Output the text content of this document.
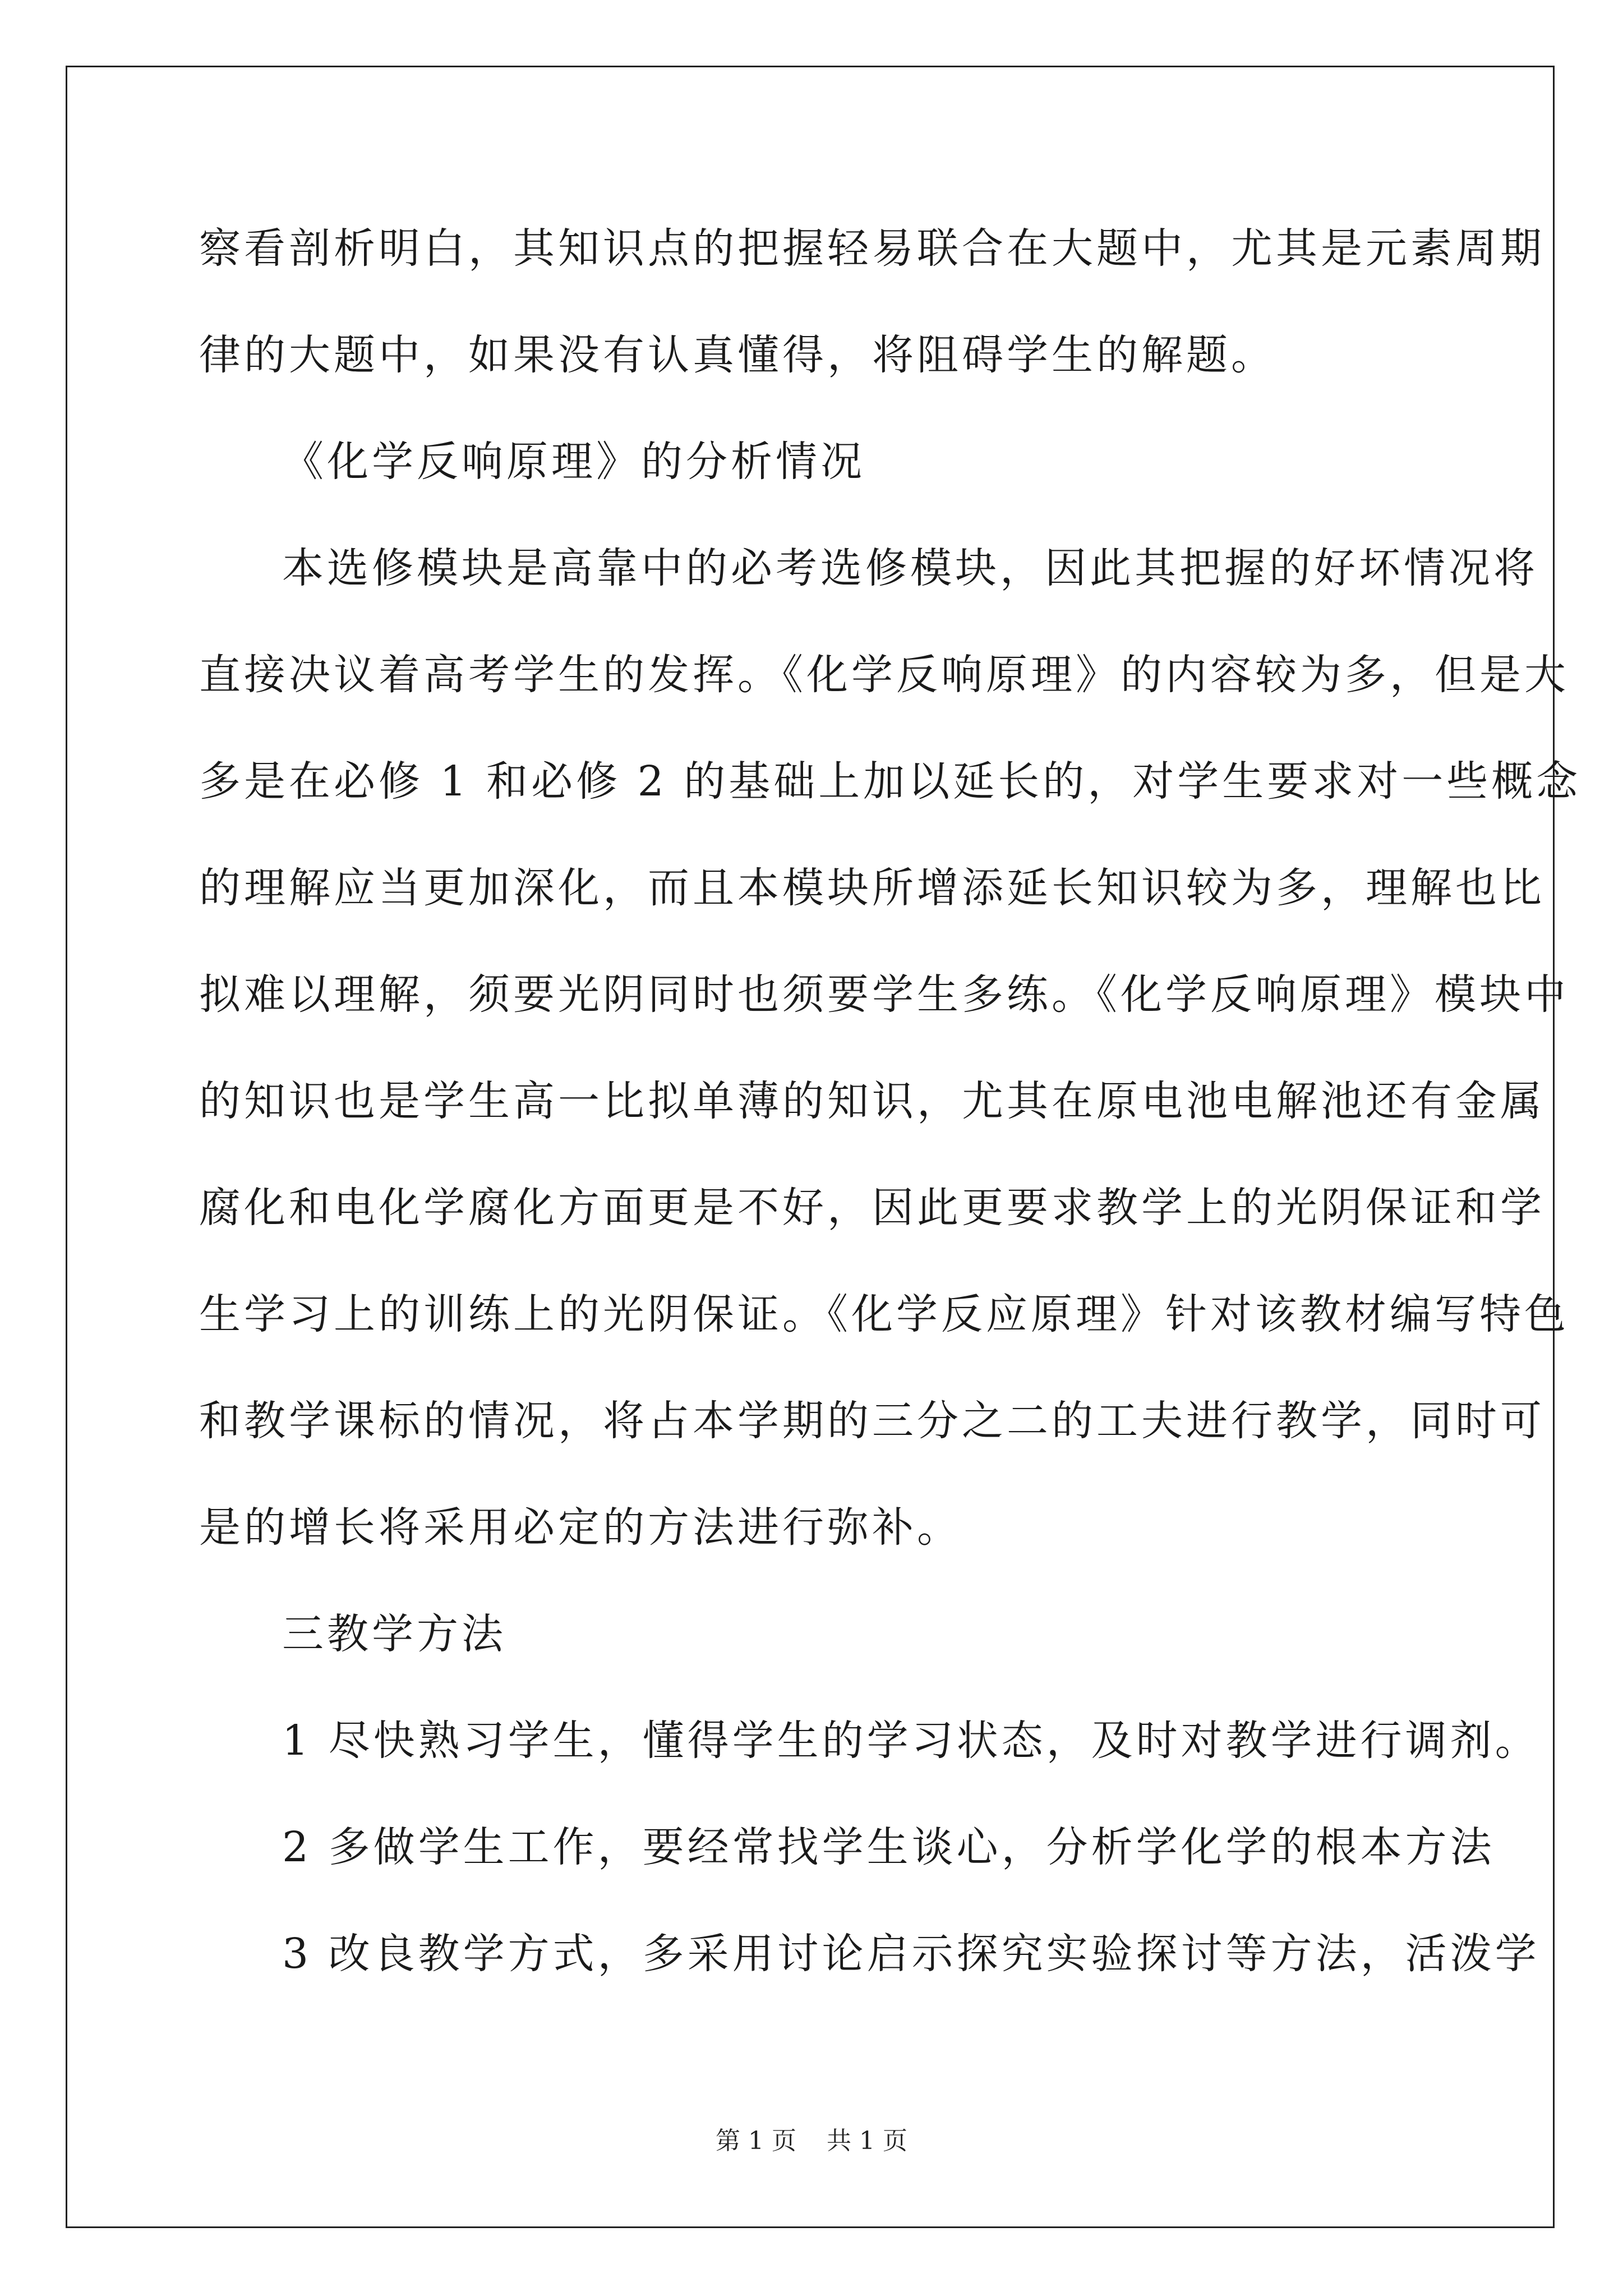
察看剖析明白，其知识点的把握轻易联合在大题中，尤其是元素周期
律的大题中，如果没有认真懂得，将阻碍学生的解题。
《化学反响原理》的分析情况
本选修模块是高靠中的必考选修模块，因此其把握的好坏情况将
直接决议着高考学生的发挥。《化学反响原理》的内容较为多，但是大
多是在必修 1 和必修 2 的基础上加以延长的，对学生要求对一些概念
的理解应当更加深化，而且本模块所增添延长知识较为多，理解也比
拟难以理解，须要光阴同时也须要学生多练。《化学反响原理》模块中
的知识也是学生高一比拟单薄的知识，尤其在原电池电解池还有金属
腐化和电化学腐化方面更是不好，因此更要求教学上的光阴保证和学
生学习上的训练上的光阴保证。《化学反应原理》针对该教材编写特色
和教学课标的情况，将占本学期的三分之二的工夫进行教学，同时可
是的增长将采用必定的方法进行弥补。
三教学方法
1 尽快熟习学生，懂得学生的学习状态，及时对教学进行调剂。
2 多做学生工作，要经常找学生谈心，分析学化学的根本方法
3 改良教学方式，多采用讨论启示探究实验探讨等方法，活泼学
第 1 页 共 1 页
